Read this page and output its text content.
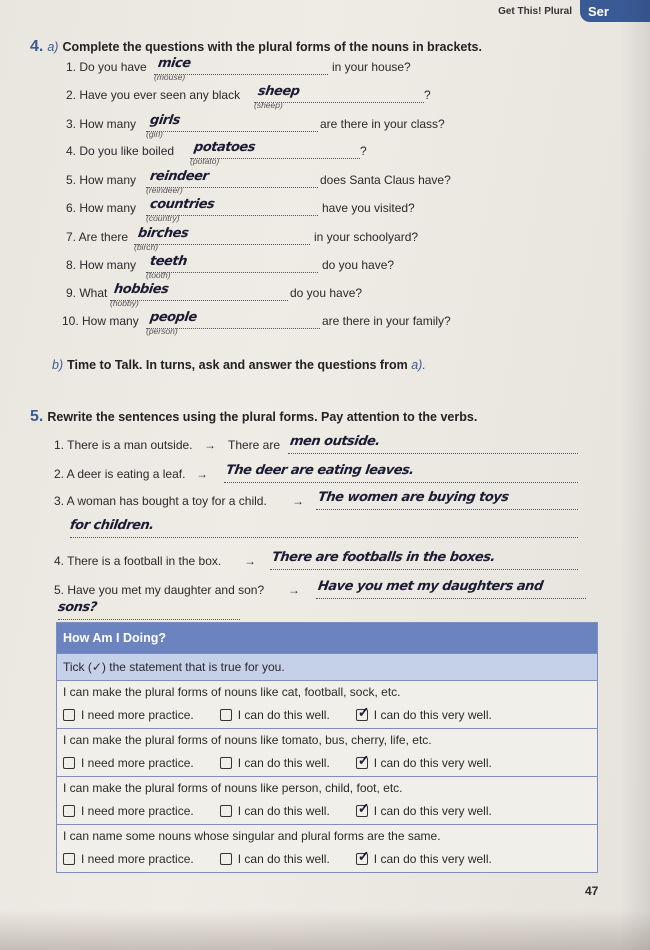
Get This! Plural	Ser
4. a) Complete the questions with the plural forms of the nouns in brackets.
1. Do you have mice
(mouse)
in your house?
2. Have you ever seen any black sheep
(sheep)
?
3. How many girls
(girl)
are there in your class?
4. Do you like boiled potatoes
(potato)
?
5. How many reindeer
(reindeer)
does Santa Claus have?
6. How many countries
(country)
have you visited?
7. Are there birches
(birch)
in your schoolyard?
8. How many teeth
(tooth)
do you have?
9. What hobbies
(hobby)
do you have?
10. How many people
(person)
are there in your family?
b) Time to Talk. In turns, ask and answer the questions from a).
5. Rewrite the sentences using the plural forms. Pay attention to the verbs.
1. There is a man outside. → There are men outside.
2. A deer is eating a leaf. → The deer are eating leaves.
3. A woman has bought a toy for a child. → The women are buying toys
for children.
4. There is a football in the box. → There are footballs in the boxes.
5. Have you met my daughter and son? → Have you met my daughters and
sons?
How Am I Doing?
Tick (✓) the statement that is true for you.
I can make the plural forms of nouns like cat, football, sock, etc.
I need more practice.	I can do this well. ✓ I can do this very well.
I can make the plural forms of nouns like tomato, bus, cherry, life, etc.
I need more practice.	I can do this well. ✓ I can do this very well.
I can make the plural forms of nouns like person, child, foot, etc.
I need more practice.	I can do this well. ✓ I can do this very well.
I can name some nouns whose singular and plural forms are the same.
I need more practice.	I can do this well. ✓ I can do this very well.
47
